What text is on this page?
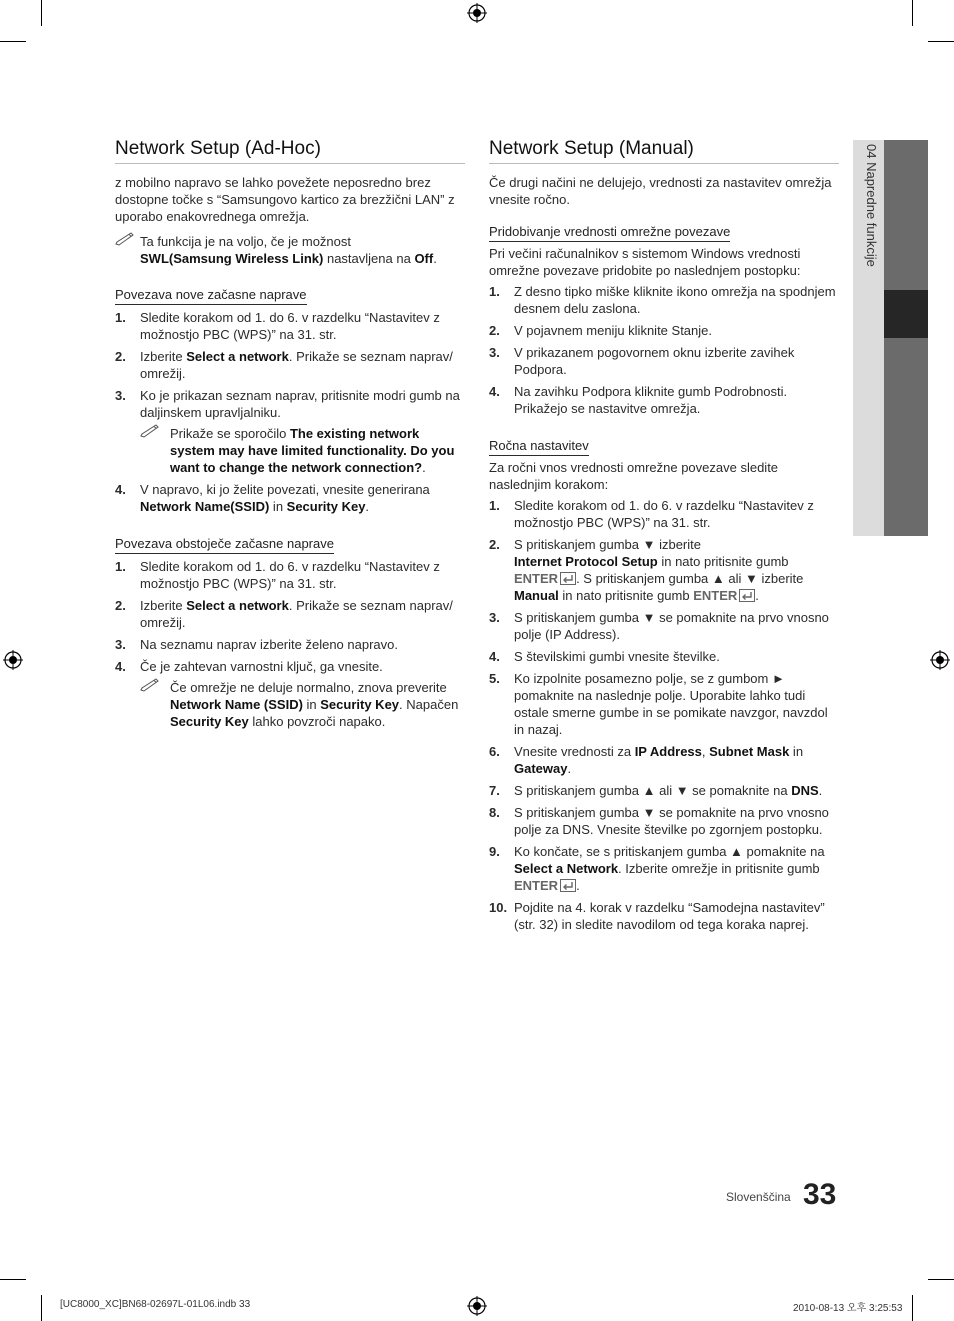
Network Setup (Ad-Hoc)

z mobilno napravo se lahko povežete neposredno brez dostopne točke s “Samsungovo kartico za brezžični LAN” z uporabo enakovrednega omrežja.

Ta funkcija je na voljo, če je možnost
SWL(Samsung Wireless Link) nastavljena na Off.
Povezava nove začasne naprave
1. Sledite korakom od 1. do 6. v razdelku “Nastavitev z možnostjo PBC (WPS)” na 31. str.
2. Izberite Select a network. Prikaže se seznam naprav/ omrežij.
3. Ko je prikazan seznam naprav, pritisnite modri gumb na daljinskem upravljalniku.
Prikaže se sporočilo The existing network system may have limited functionality. Do you want to change the network connection?.
4. V napravo, ki jo želite povezati, vnesite generirana Network Name(SSID) in Security Key.
Povezava obstoječe začasne naprave
1. Sledite korakom od 1. do 6. v razdelku “Nastavitev z možnostjo PBC (WPS)” na 31. str.
2. Izberite Select a network. Prikaže se seznam naprav/ omrežij.
3. Na seznamu naprav izberite želeno napravo.
4. Če je zahtevan varnostni ključ, ga vnesite.
Če omrežje ne deluje normalno, znova preverite Network Name (SSID) in Security Key. Napačen Security Key lahko povzroči napako.
Network Setup (Manual)

Če drugi načini ne delujejo, vrednosti za nastavitev omrežja vnesite ročno.

Pridobivanje vrednosti omrežne povezave

Pri večini računalnikov s sistemom Windows vrednosti omrežne povezave pridobite po naslednjem postopku:

1. Z desno tipko miške kliknite ikono omrežja na spodnjem desnem delu zaslona.
2. V pojavnem meniju kliknite Stanje.
3. V prikazanem pogovornem oknu izberite zavihek Podpora.
4. Na zavihku Podpora kliknite gumb Podrobnosti. Prikažejo se nastavitve omrežja.
Ročna nastavitev

Za ročni vnos vrednosti omrežne povezave sledite naslednjim korakom:

1. Sledite korakom od 1. do 6. v razdelku “Nastavitev z možnostjo PBC (WPS)” na 31. str.
2. S pritiskanjem gumba ▼ izberite
Internet Protocol Setup in nato pritisnite gumb

ENTER . S pritiskanjem gumba ▲ ali ▼ izberite Manual in nato pritisnite gumb ENTER .
3. S pritiskanjem gumba ▼ se pomaknite na prvo vnosno polje (IP Address).
4. S številskimi gumbi vnesite številke.
5. Ko izpolnite posamezno polje, se z gumbom ► pomaknite na naslednje polje. Uporabite lahko tudi ostale smerne gumbe in se pomikate navzgor, navzdol in nazaj.
6. Vnesite vrednosti za IP Address, Subnet Mask in Gateway.
7. S pritiskanjem gumba ▲ ali ▼ se pomaknite na DNS.
8. S pritiskanjem gumba ▼ se pomaknite na prvo vnosno polje za DNS. Vnesite številke po zgornjem postopku.
9. Ko končate, se s pritiskanjem gumba ▲ pomaknite na Select a Network. Izberite omrežje in pritisnite gumb

ENTER .
10. Pojdite na 4. korak v razdelku “Samodejna nastavitev” (str. 32) in sledite navodilom od tega koraka naprej.
04 Napredne funkcije
Slovenščina 33
[UC8000_XC]BN68-02697L-01L06.indb 33	2010-08-13 오후 3:25:53
